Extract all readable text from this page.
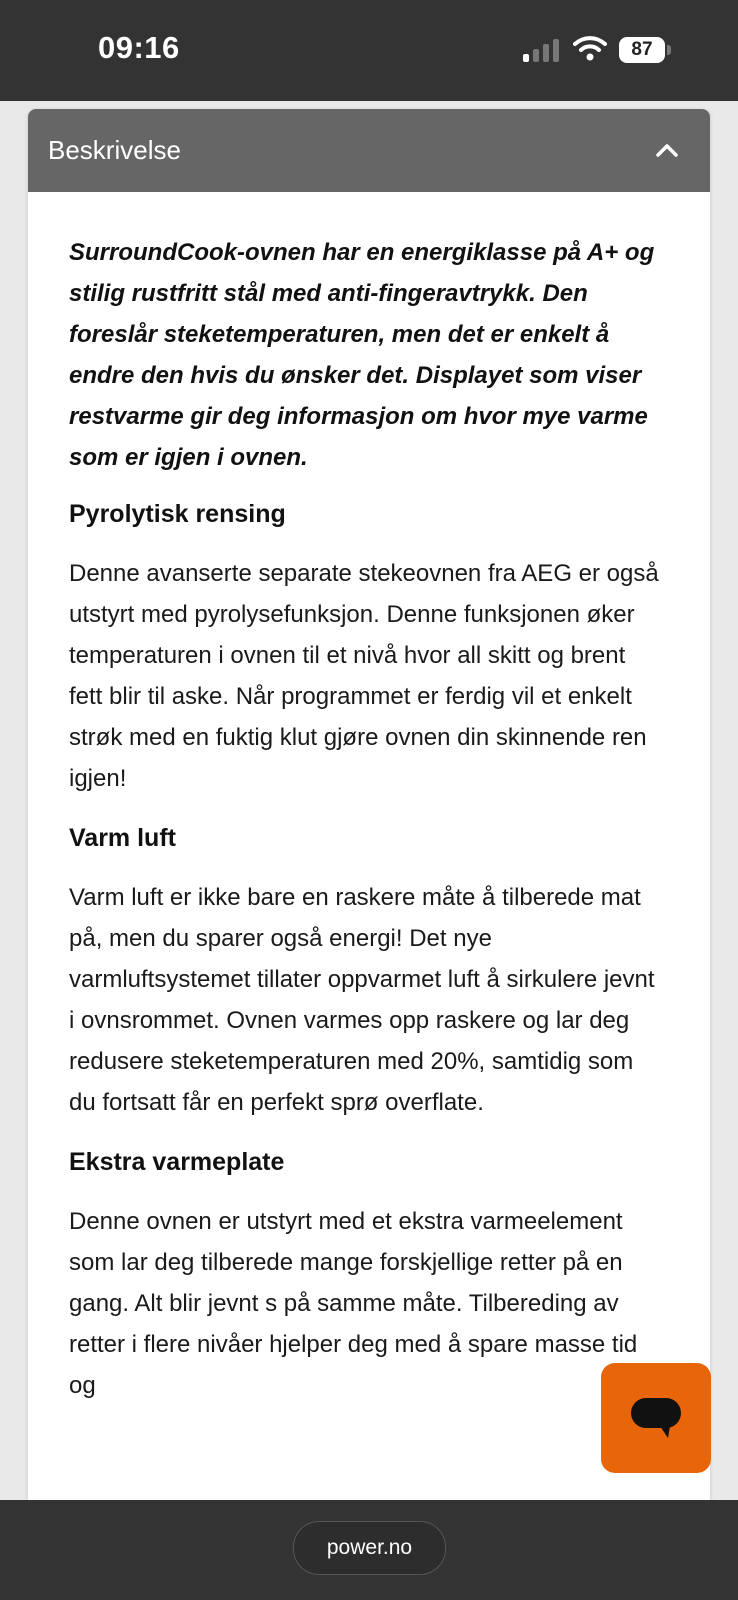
09:16	87
Beskrivelse

SurroundCook-ovnen har en energiklasse på A+ og stilig rustfritt stål med anti-fingeravtrykk. Den foreslår steketemperaturen, men det er enkelt å endre den hvis du ønsker det. Displayet som viser restvarme gir deg informasjon om hvor mye varme som er igjen i ovnen.

Pyrolytisk rensing

Denne avanserte separate stekeovnen fra AEG er også utstyrt med pyrolysefunksjon. Denne funksjonen øker temperaturen i ovnen til et nivå hvor all skitt og brent fett blir til aske. Når programmet er ferdig vil et enkelt strøk med en fuktig klut gjøre ovnen din skinnende ren igjen!

Varm luft

Varm luft er ikke bare en raskere måte å tilberede mat på, men du sparer også energi! Det nye varmluftsystemet tillater oppvarmet luft å sirkulere jevnt i ovnsrommet. Ovnen varmes opp raskere og lar deg redusere steketemperaturen med 20%, samtidig som du fortsatt får en perfekt sprø overflate.

Ekstra varmeplate

Denne ovnen er utstyrt med et ekstra varmeelement som lar deg tilberede mange forskjellige retter på en gang. Alt blir jevnt s på samme måte. Tilbereding av retter i flere nivåer hjelper deg med å spare masse tid og

power.no
